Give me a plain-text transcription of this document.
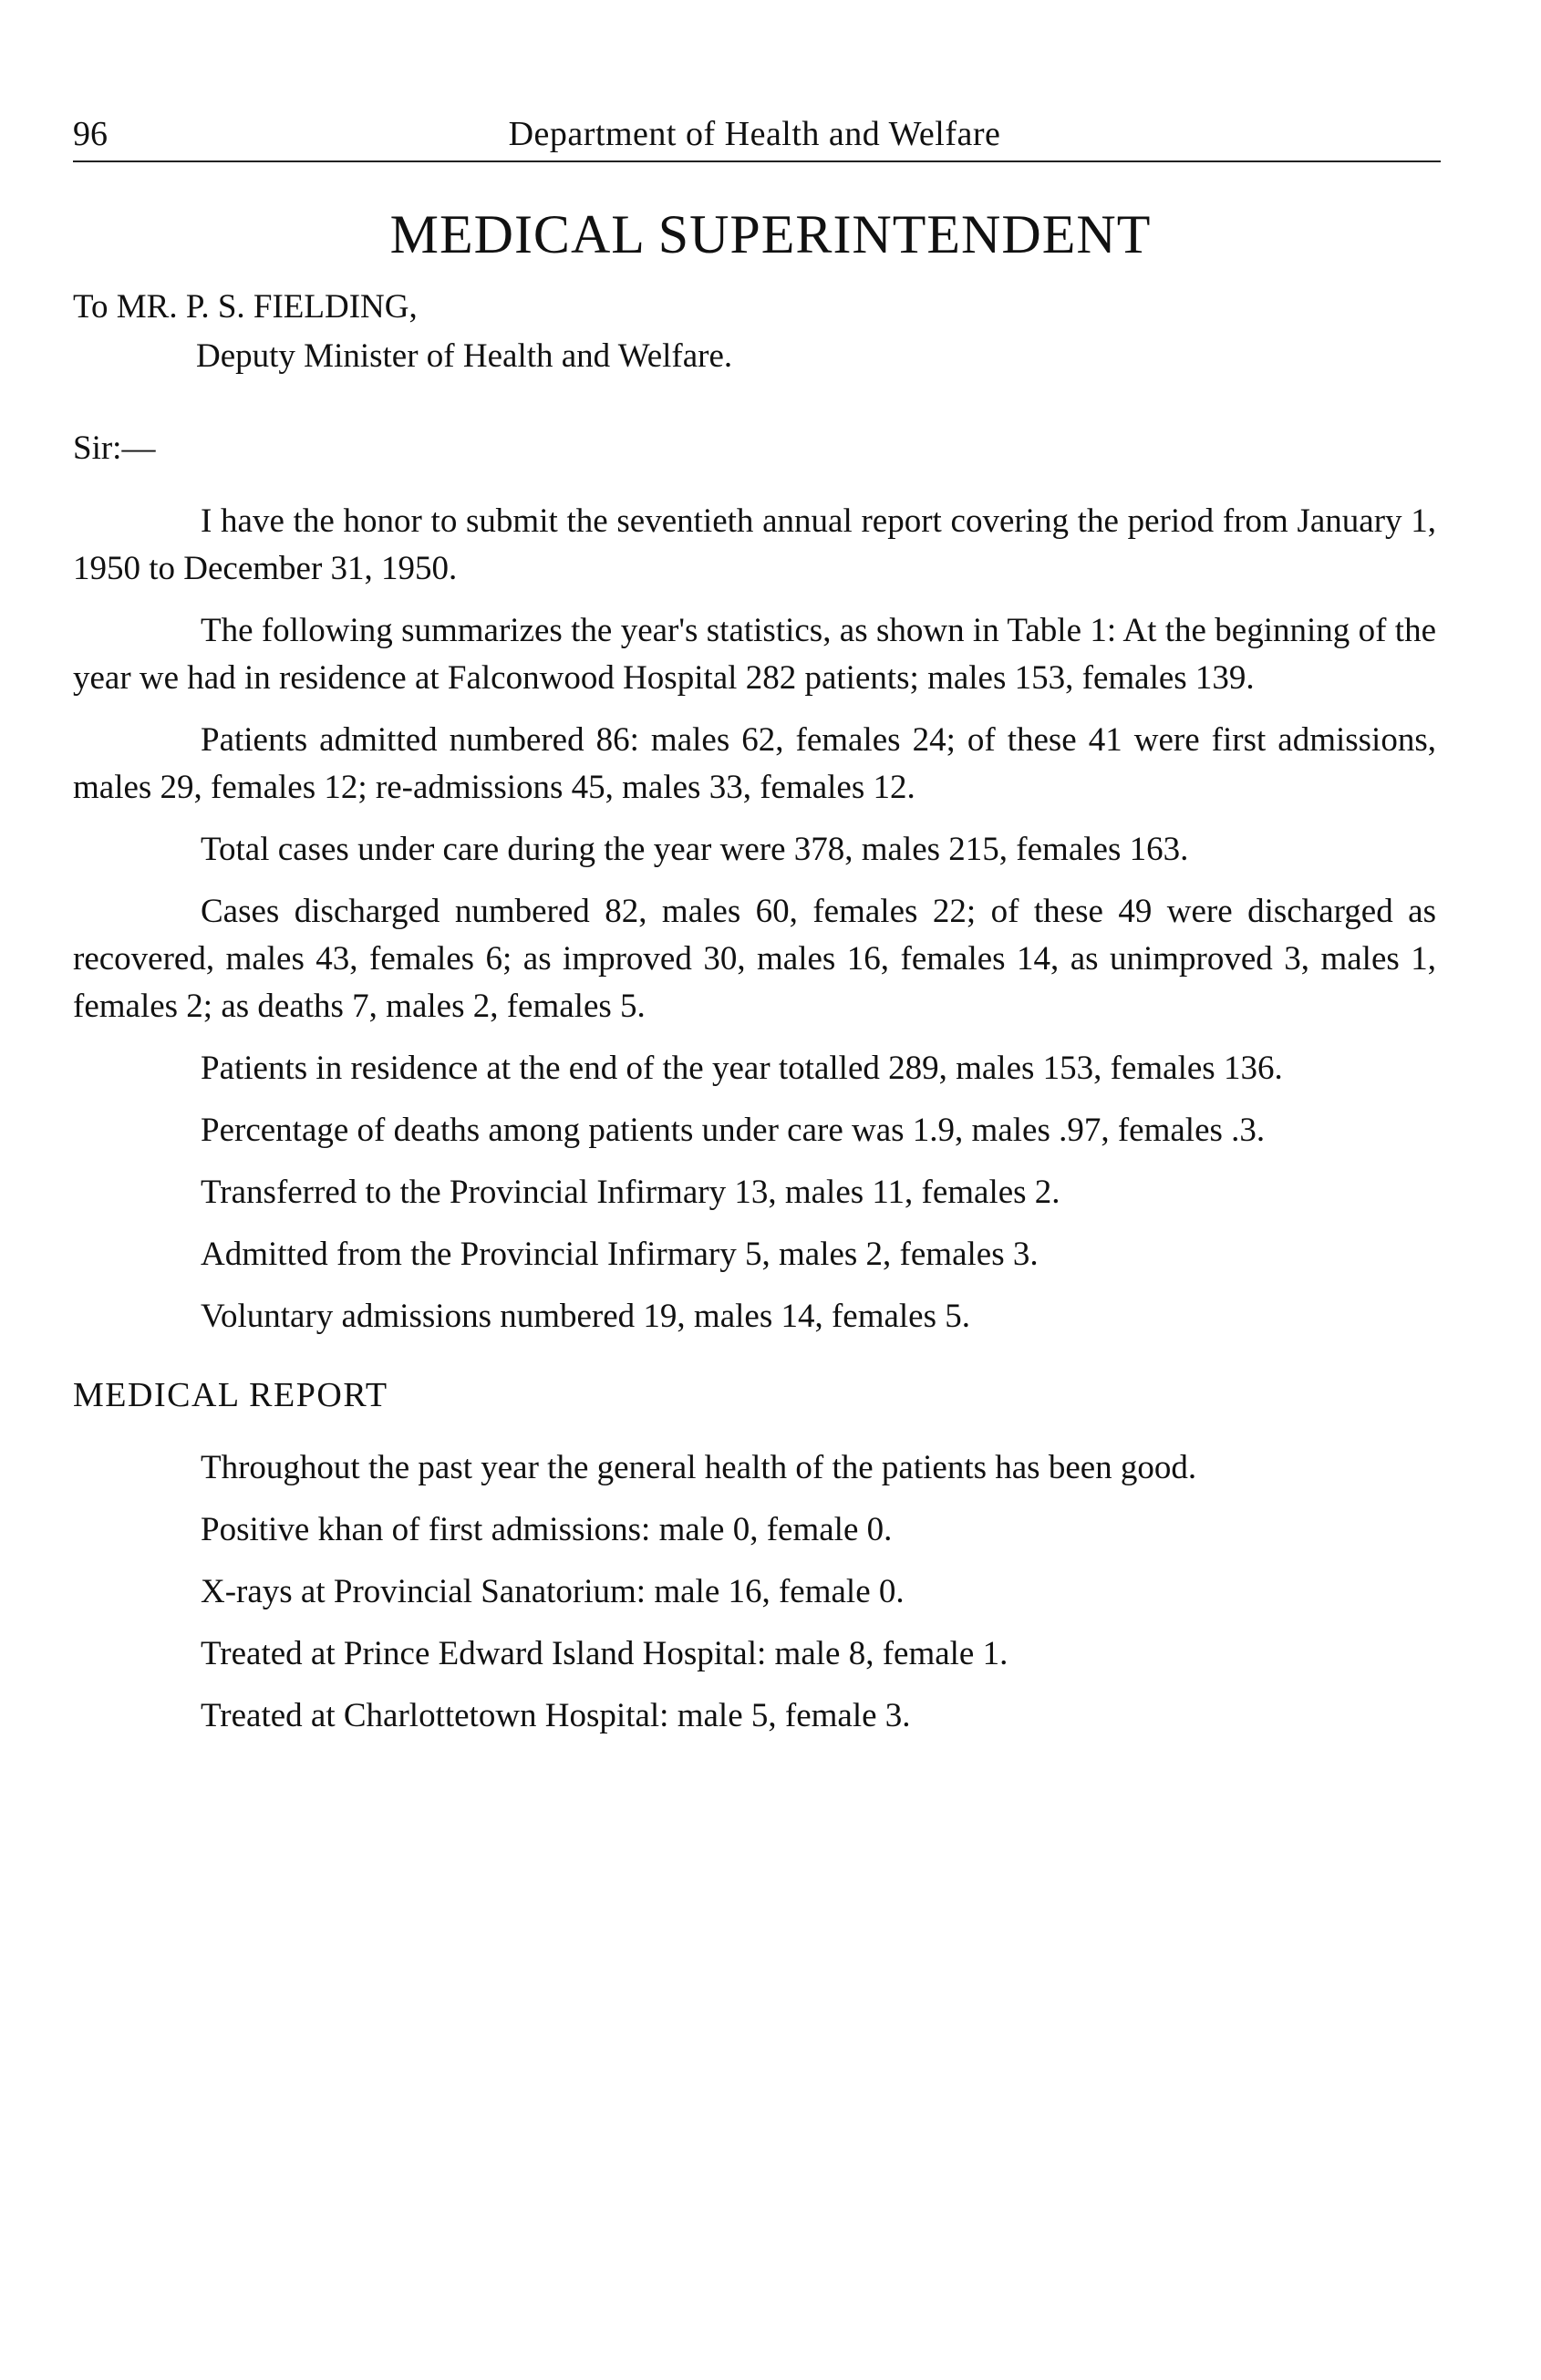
96	Department of Health and Welfare
MEDICAL SUPERINTENDENT
To MR. P. S. FIELDING,
Deputy Minister of Health and Welfare.
Sir:—

I have the honor to submit the seventieth annual report covering the period from January 1, 1950 to December 31, 1950.

The following summarizes the year's statistics, as shown in Table 1: At the beginning of the year we had in residence at Falconwood Hospital 282 patients; males 153, females 139.

Patients admitted numbered 86: males 62, females 24; of these 41 were first admissions, males 29, females 12; re-admissions 45, males 33, females 12.

Total cases under care during the year were 378, males 215, females 163.

Cases discharged numbered 82, males 60, females 22; of these 49 were discharged as recovered, males 43, females 6; as improved 30, males 16, females 14, as unimproved 3, males 1, females 2; as deaths 7, males 2, females 5.

Patients in residence at the end of the year totalled 289, males 153, females 136.

Percentage of deaths among patients under care was 1.9, males .97, females .3.

Transferred to the Provincial Infirmary 13, males 11, females 2.

Admitted from the Provincial Infirmary 5, males 2, females 3.

Voluntary admissions numbered 19, males 14, females 5.

MEDICAL REPORT

Throughout the past year the general health of the patients has been good.

Positive khan of first admissions: male 0, female 0.

X-rays at Provincial Sanatorium: male 16, female 0.

Treated at Prince Edward Island Hospital: male 8, female 1.

Treated at Charlottetown Hospital: male 5, female 3.
